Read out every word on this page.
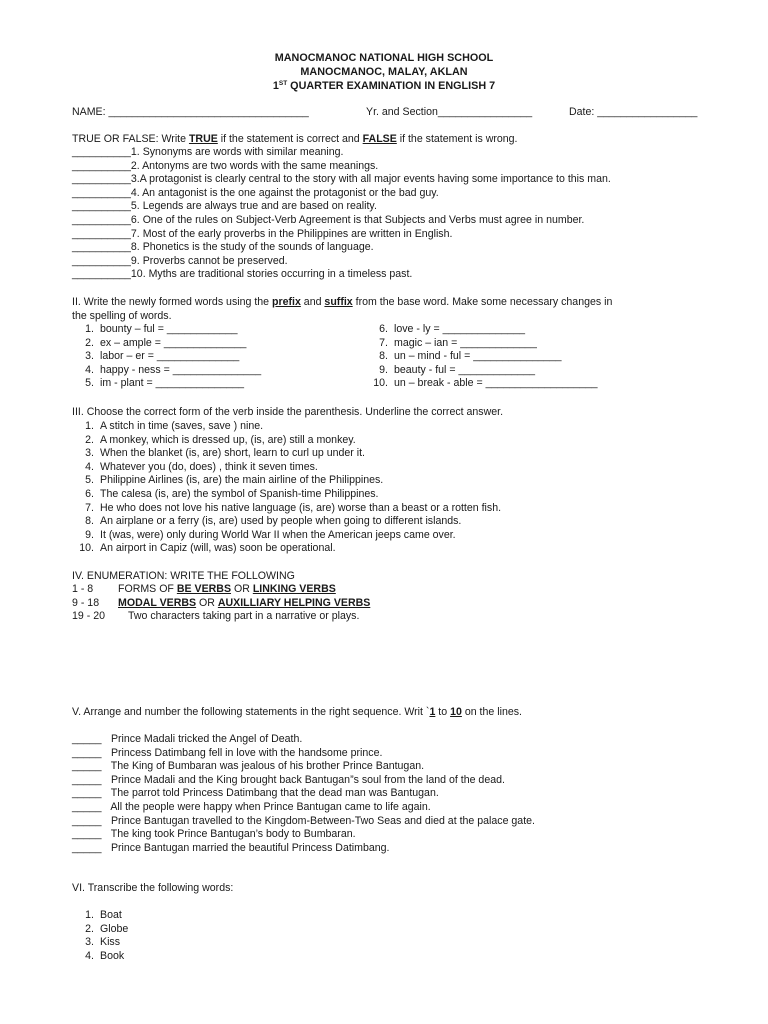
MANOCMANOC NATIONAL HIGH SCHOOL
MANOCMANOC, MALAY, AKLAN
1ST QUARTER EXAMINATION IN ENGLISH 7
NAME: __________________________________	Yr. and Section________________	Date: _________________
TRUE OR FALSE: Write TRUE if the statement is correct and FALSE if the statement is wrong.
__________1. Synonyms are words with similar meaning.
__________2. Antonyms are two words with the same meanings.
__________3.A protagonist is clearly central to the story with all major events having some importance to this man.
__________4. An antagonist is the one against the protagonist or the bad guy.
__________5. Legends are always true and are based on reality.
__________6. One of the rules on Subject-Verb Agreement is that Subjects and Verbs must agree in number.
__________7. Most of the early proverbs in the Philippines are written in English.
__________8. Phonetics is the study of the sounds of language.
__________9. Proverbs cannot be preserved.
__________10. Myths are traditional stories occurring in a timeless past.
II. Write the newly formed words using the prefix and suffix from the base word. Make some necessary changes in
the spelling of words.
1. bounty – ful = ____________
2. ex – ample = ______________
3. labor – er = ______________
4. happy - ness = _______________
5. im - plant = _______________
6. love - ly = ______________
7. magic – ian = _____________
8. un – mind - ful = _______________
9. beauty - ful = _____________
10. un – break - able = ___________________
III. Choose the correct form of the verb inside the parenthesis. Underline the correct answer.
1. A stitch in time (saves, save ) nine.
2. A monkey, which is dressed up, (is, are) still a monkey.
3. When the blanket (is, are) short, learn to curl up under it.
4. Whatever you (do, does) , think it seven times.
5. Philippine Airlines (is, are) the main airline of the Philippines.
6. The calesa (is, are) the symbol of Spanish-time Philippines.
7. He who does not love his native language (is, are) worse than a beast or a rotten fish.
8. An airplane or a ferry (is, are) used by people when going to different islands.
9. It (was, were) only during World War II when the American jeeps came over.
10. An airport in Capiz (will, was) soon be operational.
IV. ENUMERATION: WRITE THE FOLLOWING
1 - 8 FORMS OF BE VERBS OR LINKING VERBS
9 - 18 MODAL VERBS OR AUXILLIARY HELPING VERBS
19 - 20 Two characters taking part in a narrative or plays.
V. Arrange and number the following statements in the right sequence. Writ `1 to 10 on the lines.
_____ Prince Madali tricked the Angel of Death.
_____ Princess Datimbang fell in love with the handsome prince.
_____ The King of Bumbaran was jealous of his brother Prince Bantugan.
_____ Prince Madali and the King brought back Bantugan”s soul from the land of the dead.
_____ The parrot told Princess Datimbang that the dead man was Bantugan.
_____ All the people were happy when Prince Bantugan came to life again.
_____ Prince Bantugan travelled to the Kingdom-Between-Two Seas and died at the palace gate.
_____ The king took Prince Bantugan’s body to Bumbaran.
_____ Prince Bantugan married the beautiful Princess Datimbang.
VI. Transcribe the following words:
1. Boat
2. Globe
3. Kiss
4. Book
